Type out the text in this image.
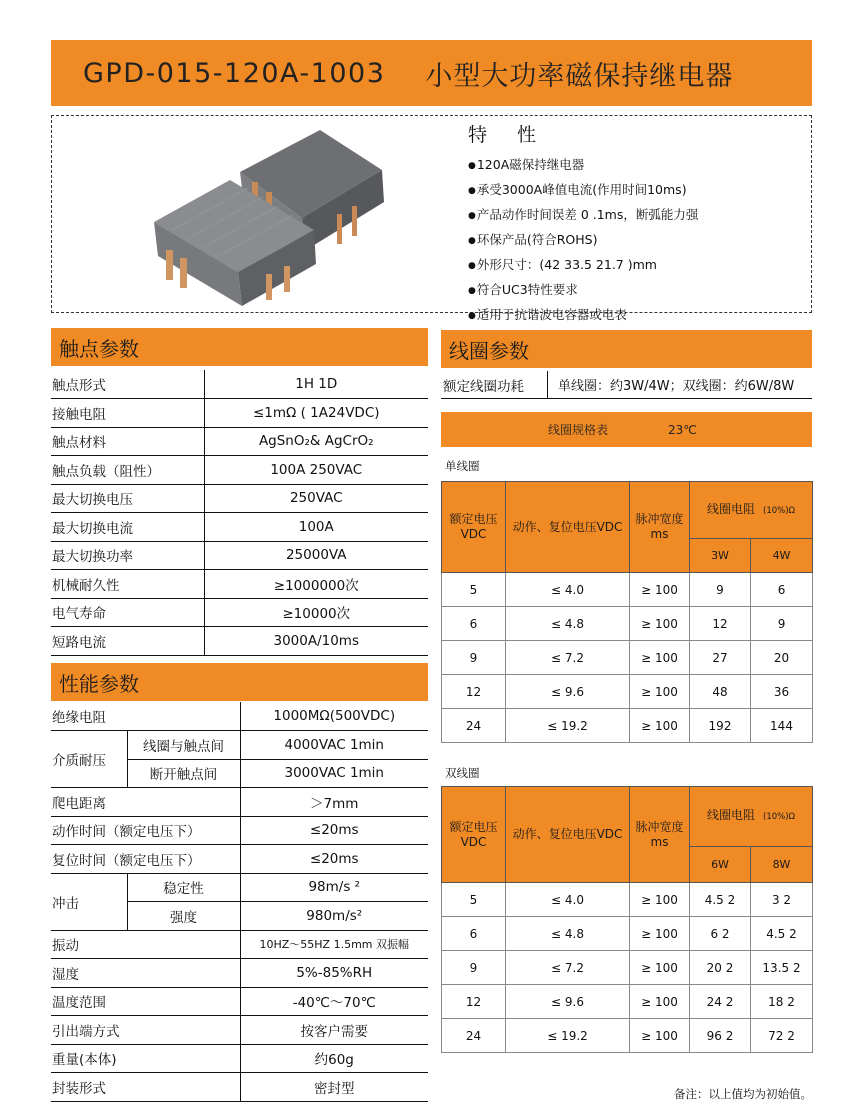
GPD-015-120A-1003 小型大功率磁保持继电器
特 性
● 120A磁保持继电器
● 承受3000A峰值电流(作用时间10ms)
● 产品动作时间误差 0 .1ms，断弧能力强
● 环保产品(符合ROHS)
● 外形尺寸：(42 33.5 21.7 )mm
● 符合UC3特性要求
● 适用于抗谐波电容器或电表
触点参数
触点形式	1H 1D
接触电阻	≤1mΩ ( 1A24VDC)
触点材料	AgSnO₂& AgCrO₂
触点负载（阻性）	100A 250VAC
最大切换电压	250VAC
最大切换电流	100A
最大切换功率	25000VA
机械耐久性	≥1000000次
电气寿命	≥10000次
短路电流	3000A/10ms
性能参数
绝缘电阻		1000MΩ(500VDC)
介质耐压	线圈与触点间	4000VAC 1min
	断开触点间	3000VAC 1min
爬电距离		＞7mm
动作时间（额定电压下）		≤20ms
复位时间（额定电压下）		≤20ms
冲击	稳定性	98m/s ²
	强度	980m/s²
振动		10HZ～55HZ 1.5mm 双振幅
湿度		5%-85%RH
温度范围		-40℃～70℃
引出端方式		按客户需要
重量(本体)		约60g
封装形式		密封型
线圈参数
额定线圈功耗	单线圈：约3W/4W；双线圈：约6W/8W
线圈规格表	23℃
单线圈
额定电压 VDC	动作、复位电压VDC	脉冲宽度 ms	线圈电阻 (10%)Ω	
			3W	4W
5	≤ 4.0	≥ 100	9	6
6	≤ 4.8	≥ 100	12	9
9	≤ 7.2	≥ 100	27	20
12	≤ 9.6	≥ 100	48	36
24	≤ 19.2	≥ 100	192	144
双线圈
额定电压 VDC	动作、复位电压VDC	脉冲宽度 ms	线圈电阻 (10%)Ω	
			6W	8W
5	≤ 4.0	≥ 100	4.5 2	3 2
6	≤ 4.8	≥ 100	6 2	4.5 2
9	≤ 7.2	≥ 100	20 2	13.5 2
12	≤ 9.6	≥ 100	24 2	18 2
24	≤ 19.2	≥ 100	96 2	72 2
备注：以上值均为初始值。
